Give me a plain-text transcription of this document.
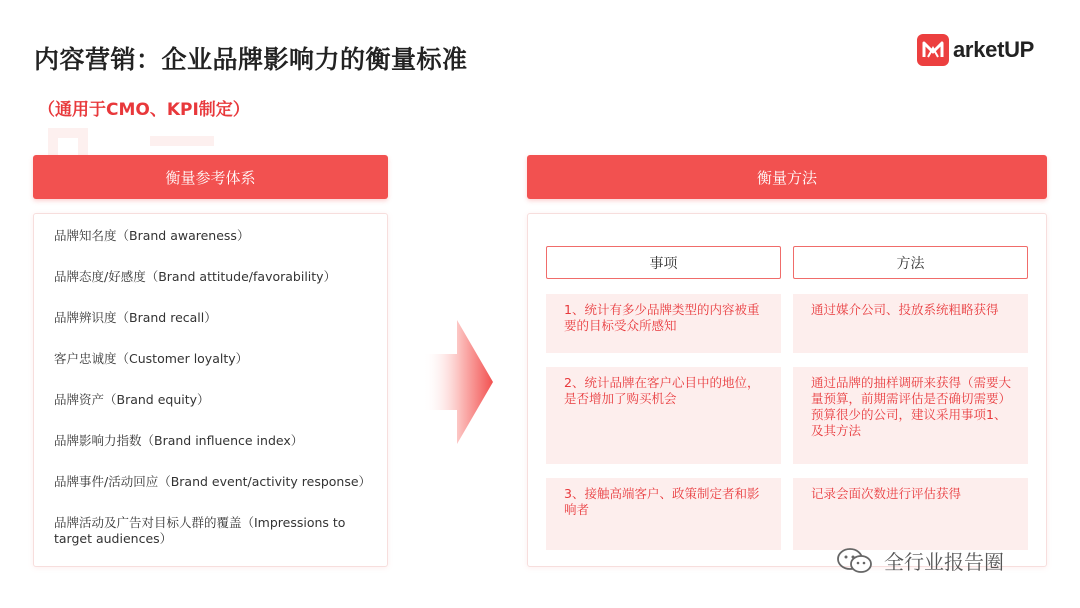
内容营销：企业品牌影响力的衡量标准
（通用于CMO、KPI制定）
arketUP
衡量参考体系
品牌知名度（Brand awareness）
品牌态度/好感度（Brand attitude/favorability）
品牌辨识度（Brand recall）
客户忠诚度（Customer loyalty）
品牌资产（Brand equity）
品牌影响力指数（Brand influence index）
品牌事件/活动回应（Brand event/activity response）
品牌活动及广告对目标人群的覆盖（Impressions to target audiences）
衡量方法
事项	方法
1、统计有多少品牌类型的内容被重要的目标受众所感知
通过媒介公司、投放系统粗略获得
2、统计品牌在客户心目中的地位，是否增加了购买机会
通过品牌的抽样调研来获得（需要大量预算，前期需评估是否确切需要）预算很少的公司，建议采用事项1、及其方法
3、接触高端客户、政策制定者和影响者
记录会面次数进行评估获得
全行业报告圈
